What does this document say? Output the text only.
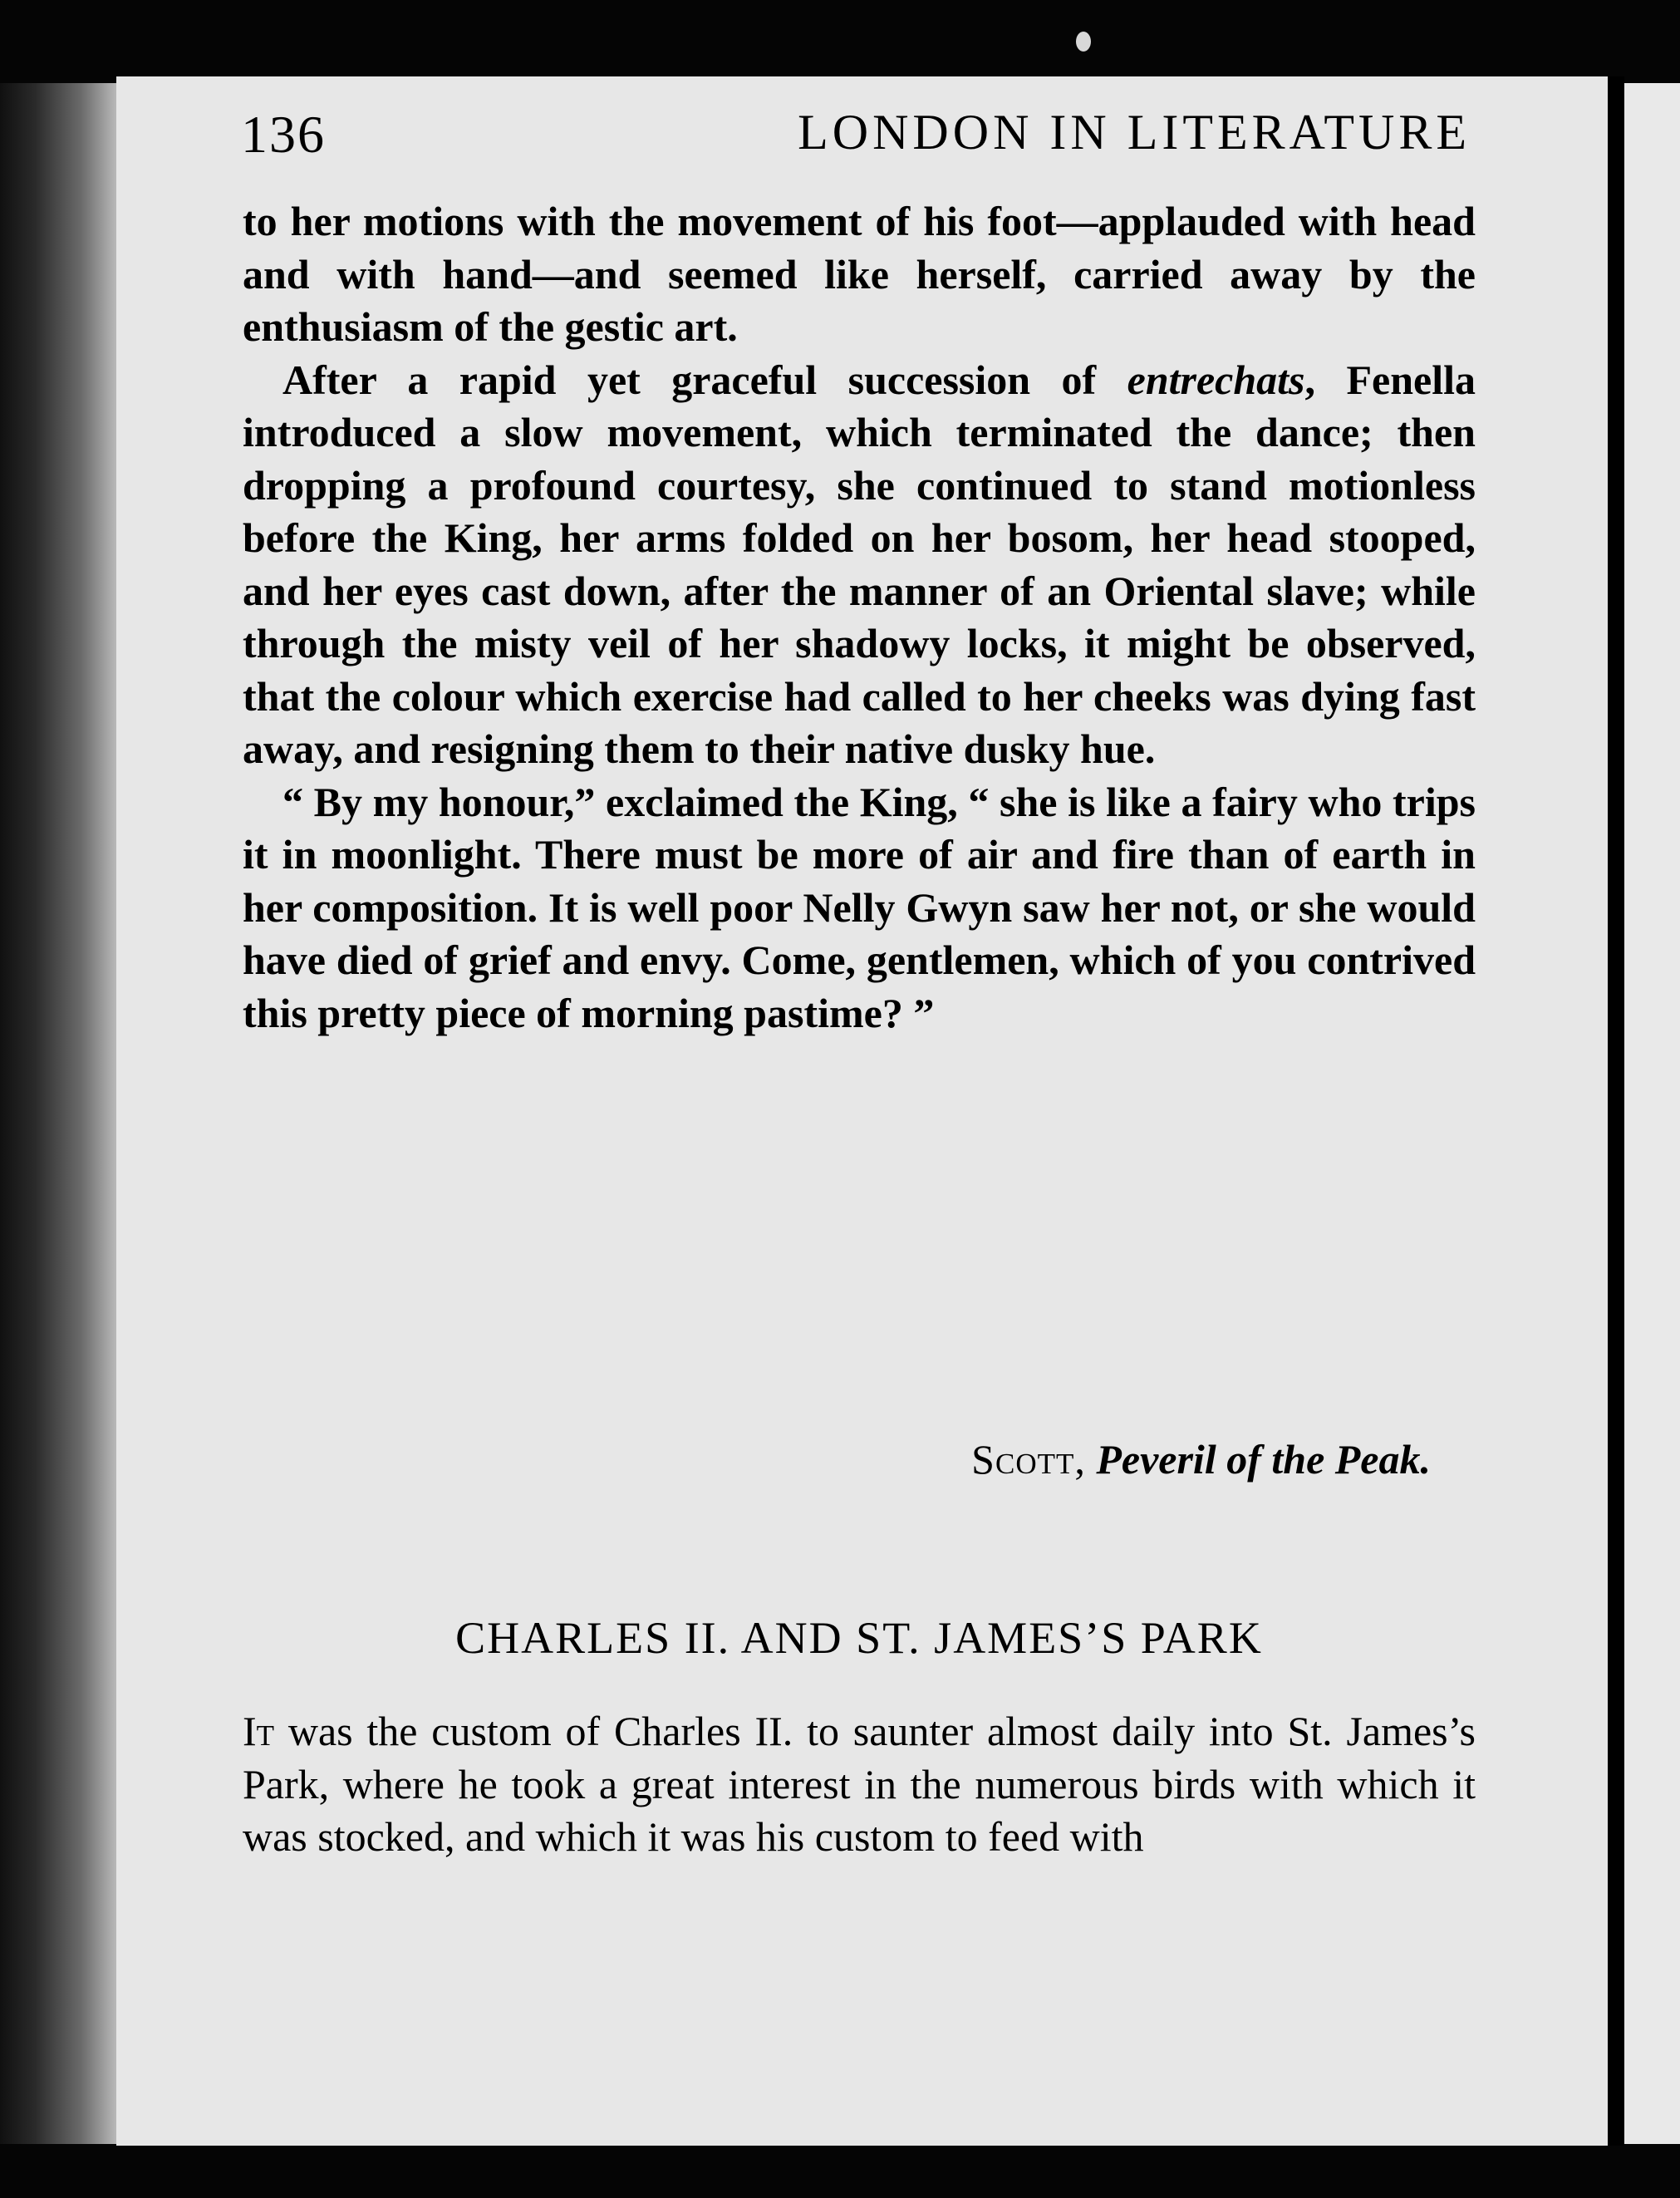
136	LONDON IN LITERATURE

to her motions with the movement of his foot—applauded with head and with hand—and seemed like herself, carried away by the enthusiasm of the gestic art.

After a rapid yet graceful succession of entrechats, Fenella introduced a slow movement, which terminated the dance; then dropping a profound courtesy, she continued to stand motionless before the King, her arms folded on her bosom, her head stooped, and her eyes cast down, after the manner of an Oriental slave; while through the misty veil of her shadowy locks, it might be observed, that the colour which exercise had called to her cheeks was dying fast away, and resigning them to their native dusky hue.

“ By my honour,” exclaimed the King, “ she is like a fairy who trips it in moonlight. There must be more of air and fire than of earth in her composition. It is well poor Nelly Gwyn saw her not, or she would have died of grief and envy. Come, gentlemen, which of you contrived this pretty piece of morning pastime? ”

Scott, Peveril of the Peak.
CHARLES II. AND ST. JAMES’S PARK

It was the custom of Charles II. to saunter almost daily into St. James’s Park, where he took a great interest in the numerous birds with which it was stocked, and which it was his custom to feed with
